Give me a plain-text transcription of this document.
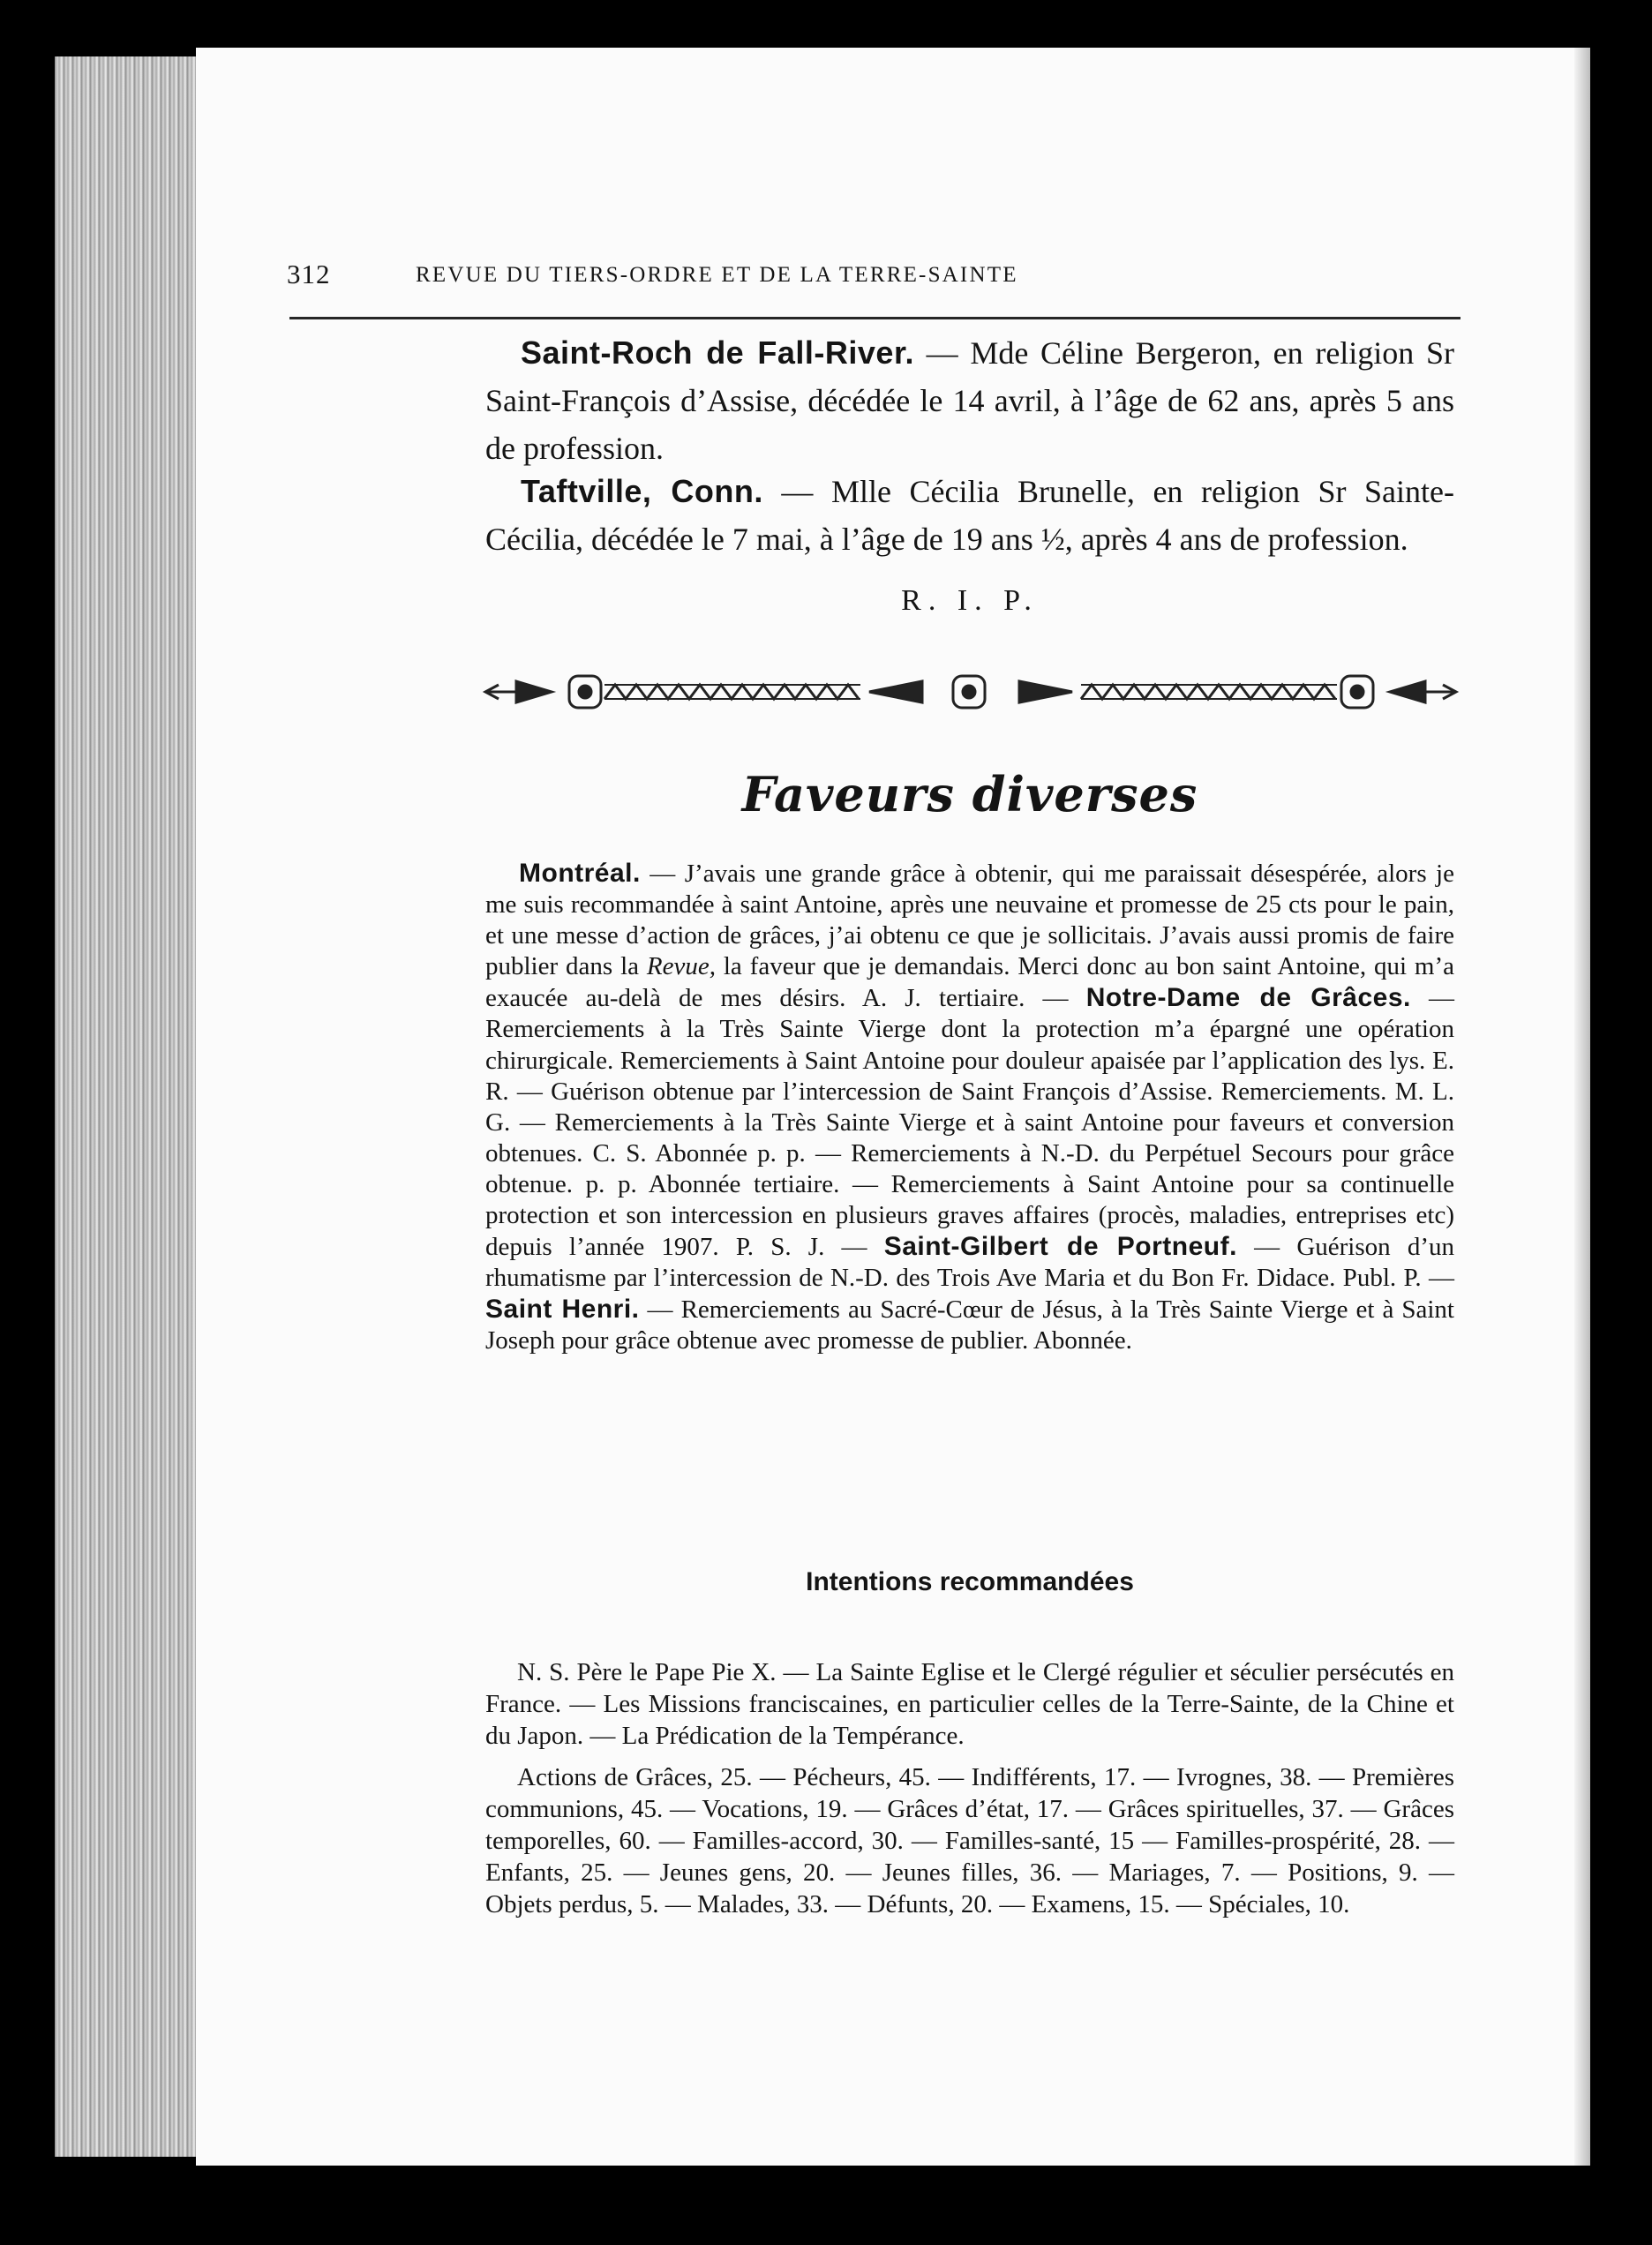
312	REVUE DU TIERS-ORDRE ET DE LA TERRE-SAINTE

Saint-Roch de Fall-River. — Mde Céline Bergeron, en religion Sr Saint-François d’Assise, décédée le 14 avril, à l’âge de 62 ans, après 5 ans de profession.

Taftville, Conn. — Mlle Cécilia Brunelle, en religion Sr Sainte-Cécilia, décédée le 7 mai, à l’âge de 19 ans ½, après 4 ans de profession.

R. I. P.
Faveurs diverses

Montréal. — J’avais une grande grâce à obtenir, qui me paraissait désespérée, alors je me suis recommandée à saint Antoine, après une neuvaine et promesse de 25 cts pour le pain, et une messe d’action de grâces, j’ai obtenu ce que je sollicitais. J’avais aussi promis de faire publier dans la Revue, la faveur que je demandais. Merci donc au bon saint Antoine, qui m’a exaucée au-delà de mes désirs. A. J. tertiaire. — Notre-Dame de Grâces. — Remerciements à la Très Sainte Vierge dont la protection m’a épargné une opération chirurgicale. Remerciements à Saint Antoine pour douleur apaisée par l’application des lys. E. R. — Guérison obtenue par l’intercession de Saint François d’Assise. Remerciements. M. L. G. — Remerciements à la Très Sainte Vierge et à saint Antoine pour faveurs et conversion obtenues. C. S. Abonnée p. p. — Remerciements à N.-D. du Perpétuel Secours pour grâce obtenue. p. p. Abonnée tertiaire. — Remerciements à Saint Antoine pour sa continuelle protection et son intercession en plusieurs graves affaires (procès, maladies, entreprises etc) depuis l’année 1907. P. S. J. — Saint-Gilbert de Portneuf. — Guérison d’un rhumatisme par l’intercession de N.-D. des Trois Ave Maria et du Bon Fr. Didace. Publ. P. — Saint Henri. — Remerciements au Sacré-Cœur de Jésus, à la Très Sainte Vierge et à Saint Joseph pour grâce obtenue avec promesse de publier. Abonnée.

Intentions recommandées

N. S. Père le Pape Pie X. — La Sainte Eglise et le Clergé régulier et séculier persécutés en France. — Les Missions franciscaines, en particulier celles de la Terre-Sainte, de la Chine et du Japon. — La Prédication de la Tempérance.

Actions de Grâces, 25. — Pécheurs, 45. — Indifférents, 17. — Ivrognes, 38. — Premières communions, 45. — Vocations, 19. — Grâces d’état, 17. — Grâces spirituelles, 37. — Grâces temporelles, 60. — Familles-accord, 30. — Familles-santé, 15 — Familles-prospérité, 28. — Enfants, 25. — Jeunes gens, 20. — Jeunes filles, 36. — Mariages, 7. — Positions, 9. — Objets perdus, 5. — Malades, 33. — Défunts, 20. — Examens, 15. — Spéciales, 10.
